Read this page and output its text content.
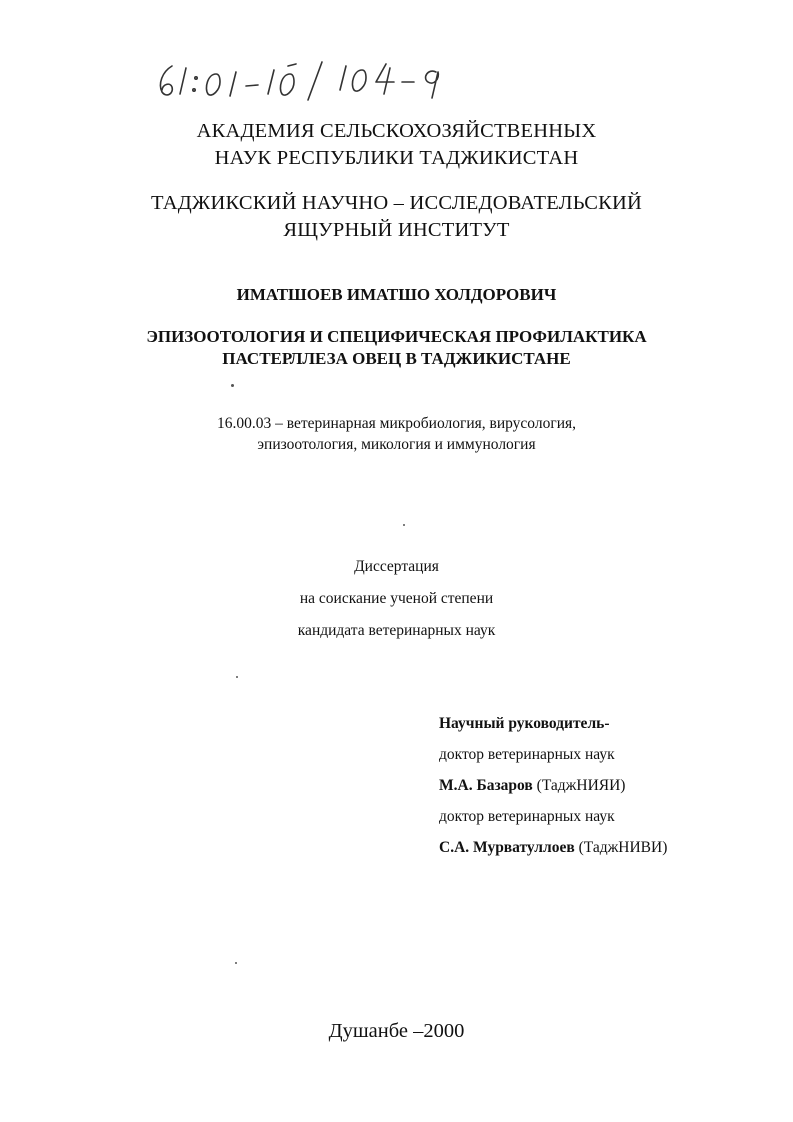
АКАДЕМИЯ СЕЛЬСКОХОЗЯЙСТВЕННЫХ
НАУК РЕСПУБЛИКИ ТАДЖИКИСТАН
ТАДЖИКСКИЙ НАУЧНО – ИССЛЕДОВАТЕЛЬСКИЙ
ЯЩУРНЫЙ ИНСТИТУТ
ИМАТШОЕВ ИМАТШО ХОЛДОРОВИЧ
ЭПИЗООТОЛОГИЯ И СПЕЦИФИЧЕСКАЯ ПРОФИЛАКТИКА
ПАСТЕРЛЛЕЗА ОВЕЦ В ТАДЖИКИСТАНЕ
16.00.03 – ветеринарная микробиология, вирусология,
эпизоотология, микология и иммунология
Диссертация
на соискание ученой степени
кандидата ветеринарных наук
Научный руководитель-
доктор ветеринарных наук
М.А. Базаров (ТаджНИЯИ)
доктор ветеринарных наук
С.А. Мурватуллоев (ТаджНИВИ)
Душанбе –2000
